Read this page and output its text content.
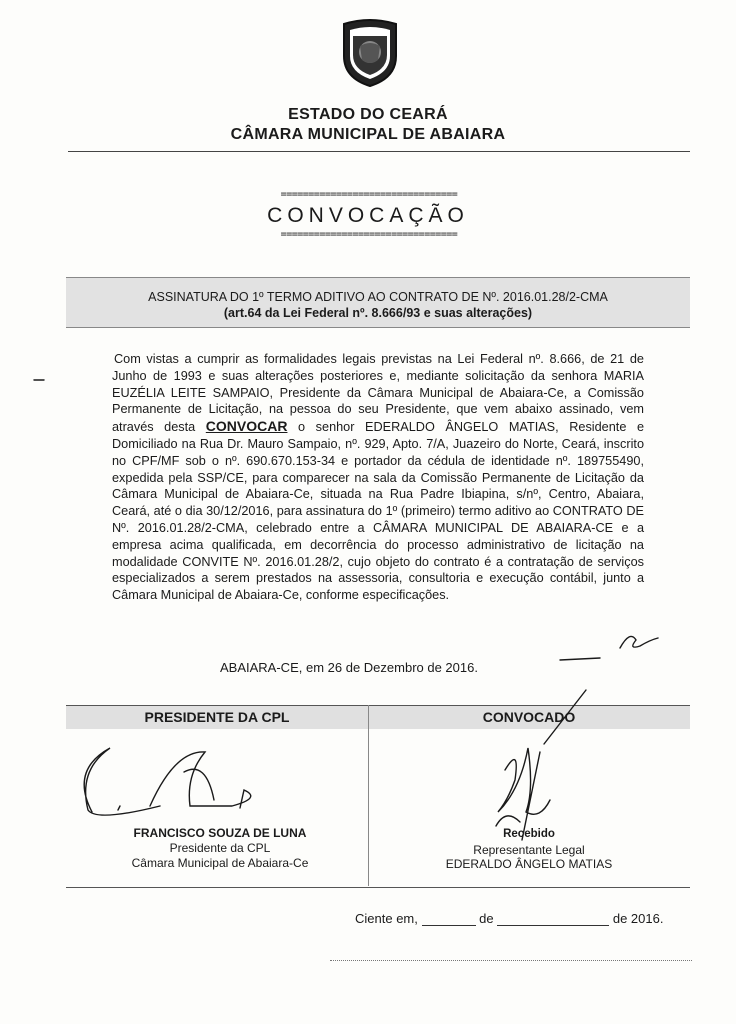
ESTADO DO CEARÁ
CÂMARA MUNICIPAL DE ABAIARA
================================
CONVOCAÇÃO
================================
ASSINATURA DO 1º TERMO ADITIVO AO CONTRATO DE Nº. 2016.01.28/2-CMA
(art.64 da Lei Federal nº. 8.666/93 e suas alterações)

Com vistas a cumprir as formalidades legais previstas na Lei Federal nº. 8.666, de 21 de Junho de 1993 e suas alterações posteriores e, mediante solicitação da senhora MARIA EUZÉLIA LEITE SAMPAIO, Presidente da Câmara Municipal de Abaiara-Ce, a Comissão Permanente de Licitação, na pessoa do seu Presidente, que vem abaixo assinado, vem através desta CONVOCAR o senhor EDERALDO ÂNGELO MATIAS, Residente e Domiciliado na Rua Dr. Mauro Sampaio, nº. 929, Apto. 7/A, Juazeiro do Norte, Ceará, inscrito no CPF/MF sob o nº. 690.670.153-34 e portador da cédula de identidade nº. 189755490, expedida pela SSP/CE, para comparecer na sala da Comissão Permanente de Licitação da Câmara Municipal de Abaiara-Ce, situada na Rua Padre Ibiapina, s/nº, Centro, Abaiara, Ceará, até o dia 30/12/2016, para assinatura do 1º (primeiro) termo aditivo ao CONTRATO DE Nº. 2016.01.28/2-CMA, celebrado entre a CÂMARA MUNICIPAL DE ABAIARA-CE e a empresa acima qualificada, em decorrência do processo administrativo de licitação na modalidade CONVITE Nº. 2016.01.28/2, cujo objeto do contrato é a contratação de serviços especializados a serem prestados na assessoria, consultoria e execução contábil, junto a Câmara Municipal de Abaiara-Ce, conforme especificações.

ABAIARA-CE, em 26 de Dezembro de 2016.
PRESIDENTE DA CPL	CONVOCADO
FRANCISCO SOUZA DE LUNA
Presidente da CPL
Câmara Municipal de Abaiara-Ce
Recebido
Representante Legal
EDERALDO ÂNGELO MATIAS
Ciente em,	de	de 2016.
